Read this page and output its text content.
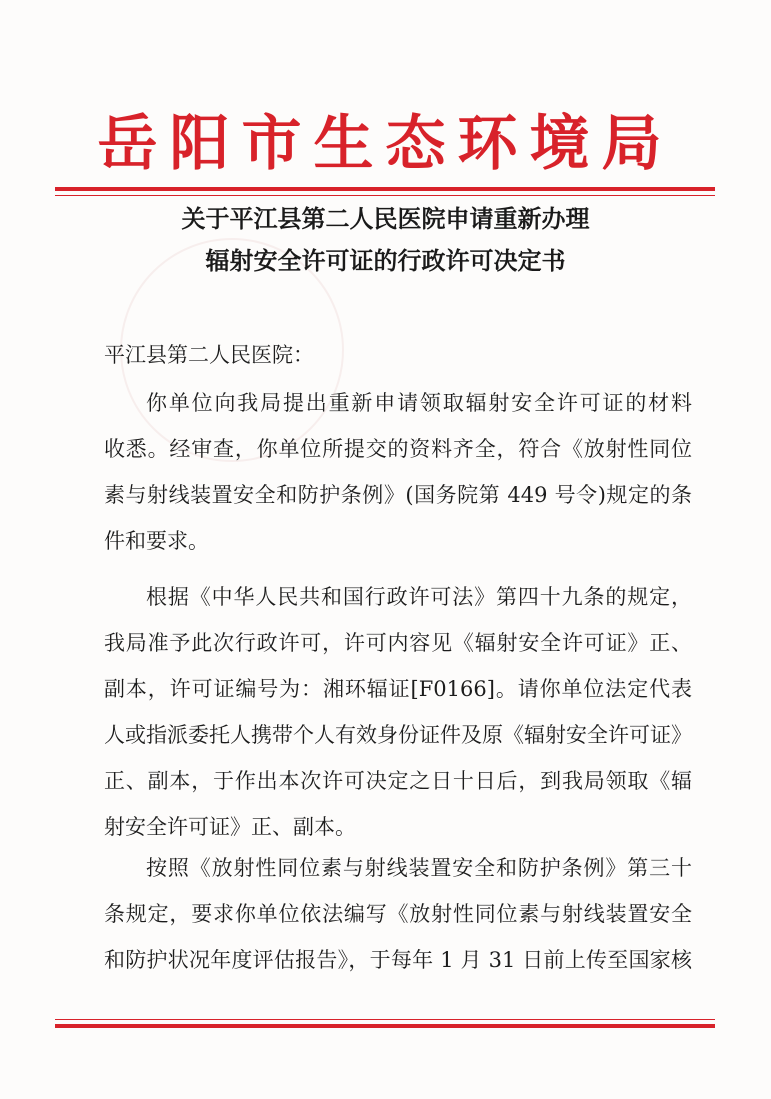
岳阳市生态环境局
关于平江县第二人民医院申请重新办理
辐射安全许可证的行政许可决定书
平江县第二人民医院：
你单位向我局提出重新申请领取辐射安全许可证的材料
收悉。经审查，你单位所提交的资料齐全，符合《放射性同位
素与射线装置安全和防护条例》(国务院第 449 号令)规定的条
件和要求。
根据《中华人民共和国行政许可法》第四十九条的规定，
我局准予此次行政许可，许可内容见《辐射安全许可证》正、
副本，许可证编号为：湘环辐证[F0166]。请你单位法定代表
人或指派委托人携带个人有效身份证件及原《辐射安全许可证》
正、副本，于作出本次许可决定之日十日后，到我局领取《辐
射安全许可证》正、副本。
按照《放射性同位素与射线装置安全和防护条例》第三十
条规定，要求你单位依法编写《放射性同位素与射线装置安全
和防护状况年度评估报告》，于每年 1 月 31 日前上传至国家核
